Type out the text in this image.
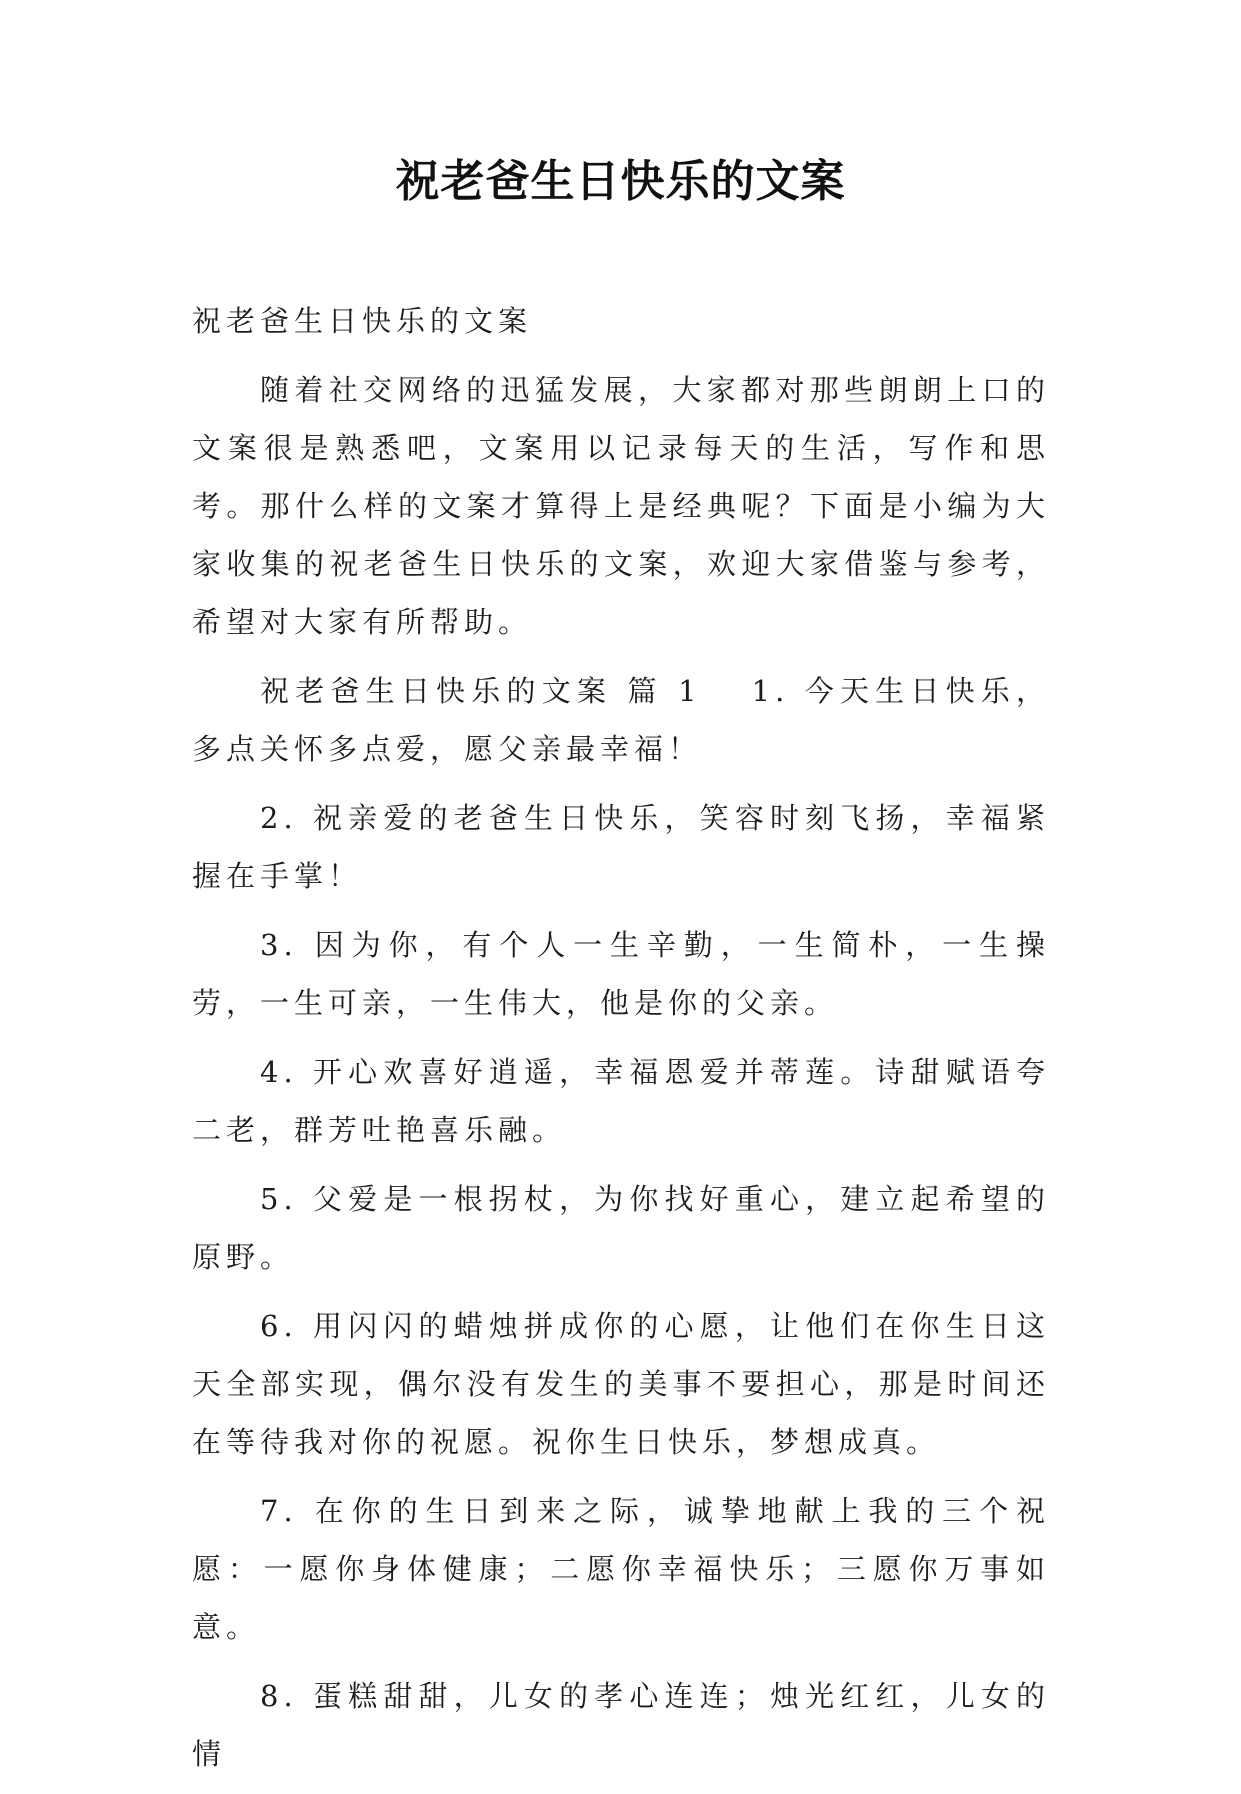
祝老爸生日快乐的文案

祝老爸生日快乐的文案

随着社交网络的迅猛发展，大家都对那些朗朗上口的文案很是熟悉吧，文案用以记录每天的生活，写作和思考。那什么样的文案才算得上是经典呢？下面是小编为大家收集的祝老爸生日快乐的文案，欢迎大家借鉴与参考，希望对大家有所帮助。

祝老爸生日快乐的文案 篇 1 1. 今天生日快乐，多点关怀多点爱，愿父亲最幸福！

2. 祝亲爱的老爸生日快乐，笑容时刻飞扬，幸福紧握在手掌！

3. 因为你，有个人一生辛勤，一生简朴，一生操劳，一生可亲，一生伟大，他是你的父亲。

4. 开心欢喜好逍遥，幸福恩爱并蒂莲。诗甜赋语夸二老，群芳吐艳喜乐融。

5. 父爱是一根拐杖，为你找好重心，建立起希望的原野。

6. 用闪闪的蜡烛拼成你的心愿，让他们在你生日这天全部实现，偶尔没有发生的美事不要担心，那是时间还在等待我对你的祝愿。祝你生日快乐，梦想成真。

7. 在你的生日到来之际，诚挚地献上我的三个祝愿：一愿你身体健康；二愿你幸福快乐；三愿你万事如意。

8. 蛋糕甜甜，儿女的孝心连连；烛光红红，儿女的情
